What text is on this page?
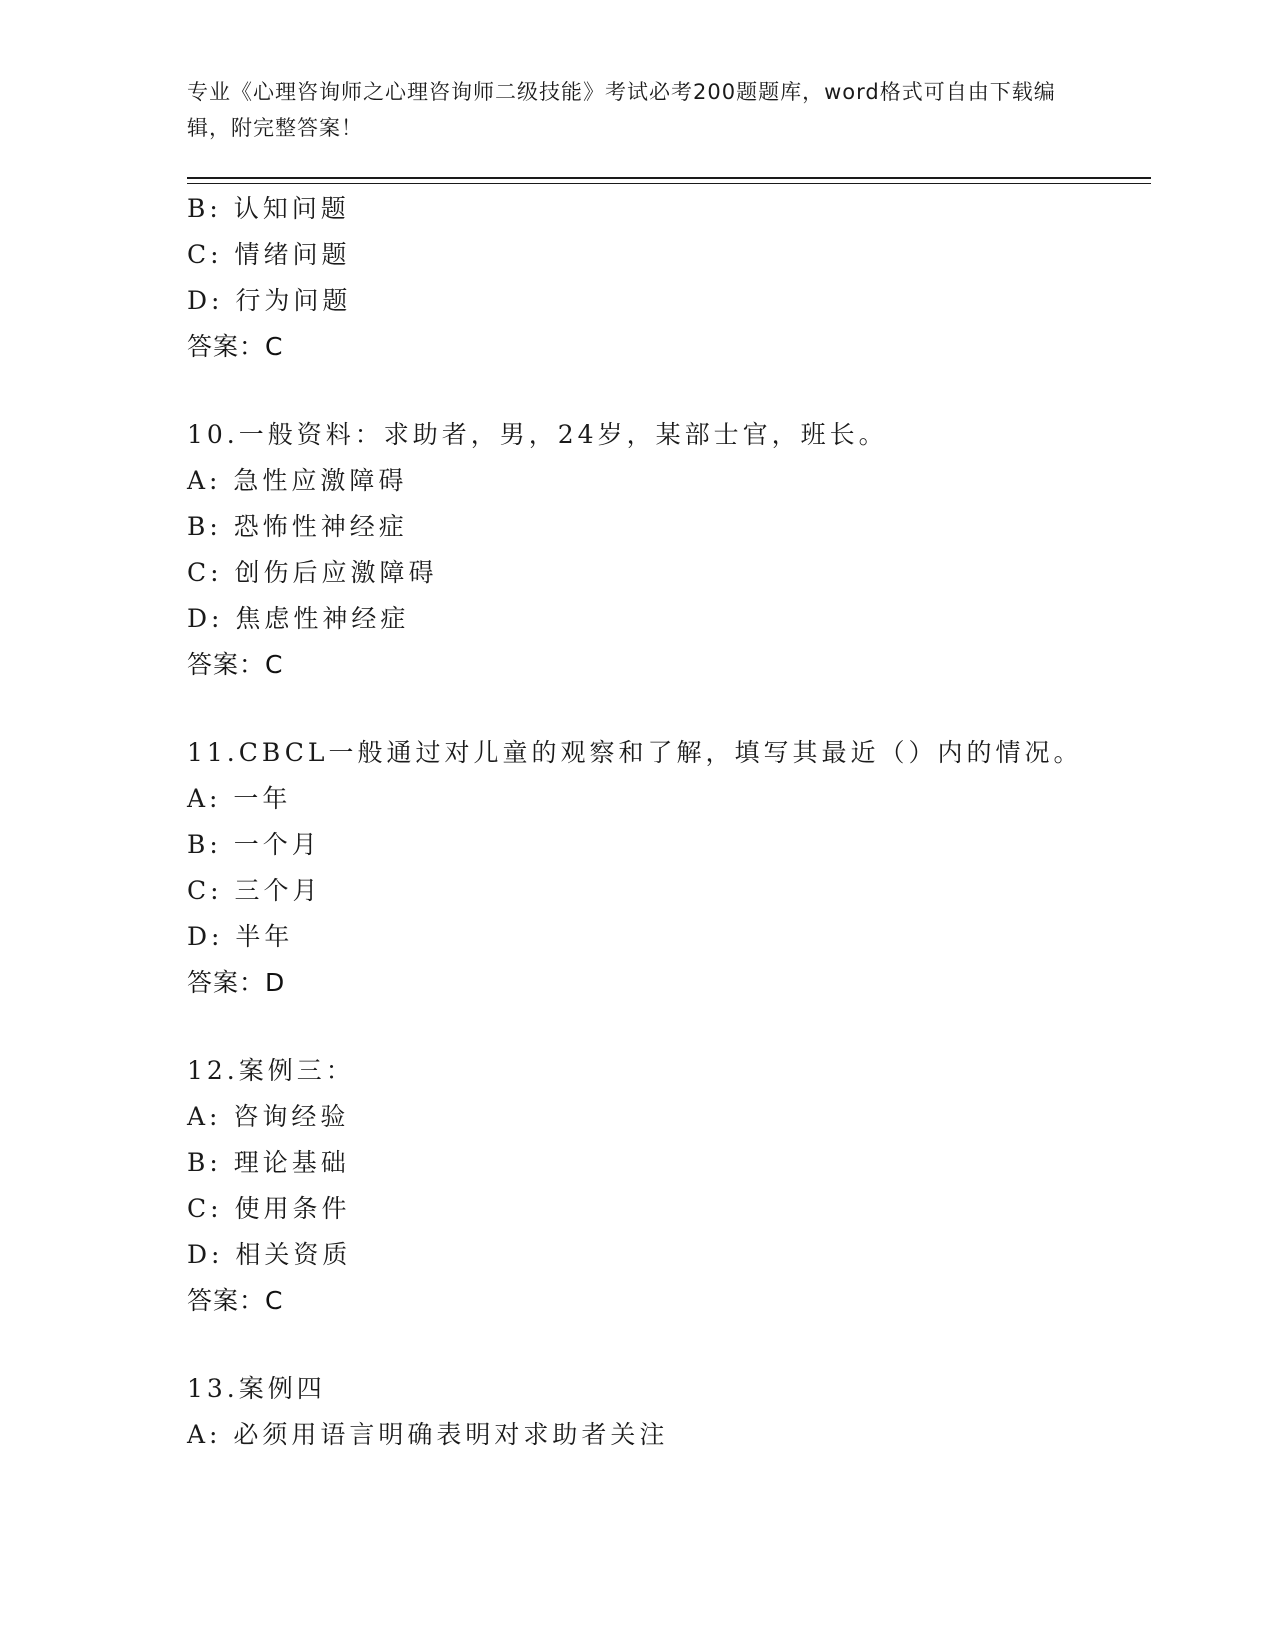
专业《心理咨询师之心理咨询师二级技能》考试必考200题题库，word格式可自由下载编辑，附完整答案！
B: 认知问题
C: 情绪问题
D: 行为问题
答案：C
10.一般资料：求助者，男，24岁，某部士官，班长。
A: 急性应激障碍
B: 恐怖性神经症
C: 创伤后应激障碍
D: 焦虑性神经症
答案：C
11.CBCL一般通过对儿童的观察和了解，填写其最近（）内的情况。
A: 一年
B: 一个月
C: 三个月
D: 半年
答案：D
12.案例三：
A: 咨询经验
B: 理论基础
C: 使用条件
D: 相关资质
答案：C
13.案例四
A: 必须用语言明确表明对求助者关注
